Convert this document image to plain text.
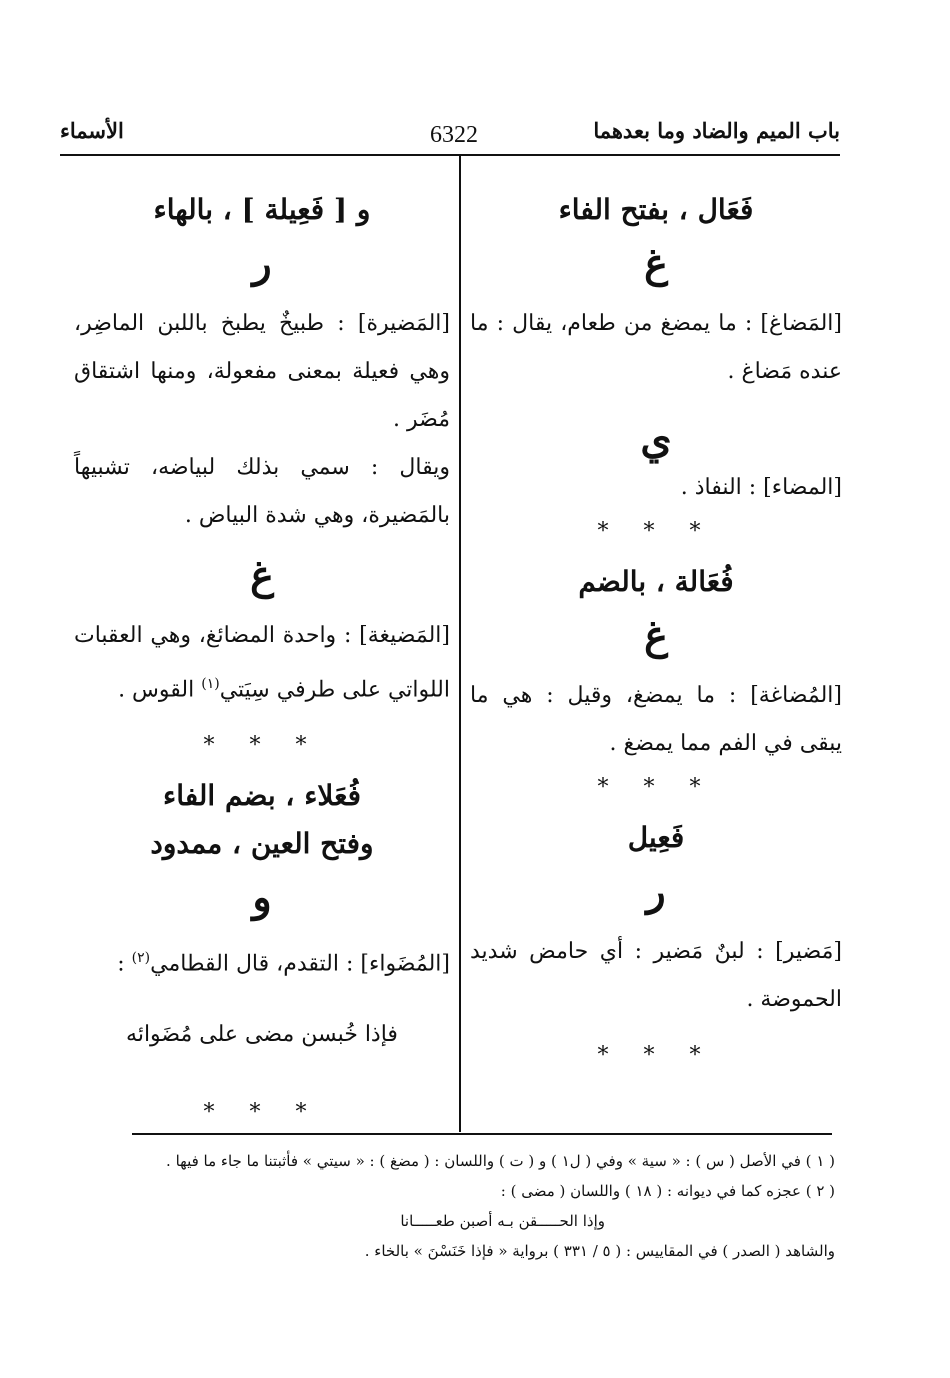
باب الميم والضاد وما بعدهما
6322
الأسماء

فَعَال ، بفتح الفاء

غ

[المَضاغ] : ما يمضغ من طعام، يقال : ما عنده مَضاغ .

ي

[المضاء] : النفاذ .

* * *

فُعَالة ، بالضم

غ

[المُضاغة] : ما يمضغ، وقيل : هي ما يبقى في الفم مما يمضغ .

* * *

فَعِيل

ر

[مَضير] : لبنٌ مَضير : أي حامض شديد الحموضة .

* * *

و [ فَعِيلة ] ، بالهاء

ر

[المَضيرة] : طبيخٌ يطبخ باللبن الماضِر، وهي فعيلة بمعنى مفعولة، ومنها اشتقاق مُضَر .

ويقال : سمي بذلك لبياضه، تشبيهاً بالمَضيرة، وهي شدة البياض .

غ

[المَضيغة] : واحدة المضائغ، وهي العقبات اللواتي على طرفي سِيَتي$^{(١)}$ القوس .

* * *

فُعَلاء ، بضم الفاء

وفتح العين ، ممدود

و

[المُضَواء] : التقدم، قال القطامي$^{(٢)}$ :

فإذا خُبسن مضى على مُضَوائه

* * *

( ١ ) في الأصل ( س ) : « سية » وفي ( ل١ ) و ( ت ) واللسان : ( مضغ ) : « سيتي » فأثبتنا ما جاء ما فيها .

( ٢ ) عجزه كما في ديوانه : ( ١٨ ) واللسان ( مضى ) :

وإذا الحـــــقن بـه أصبن طعـــــانا

والشاهد ( الصدر ) في المقاييس : ( ٥ / ٣٣١ ) برواية « فإذا خَنَسْنَ » بالخاء .
